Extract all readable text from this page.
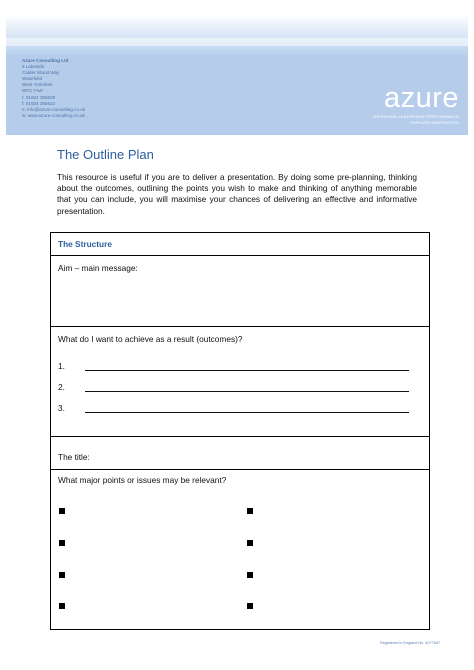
Azure Consulting Ltd
3 Lakeside
Calder Island Way
Wakefield
West Yorkshire
WF2 7AW
t: 01924 385600
f: 01924 385622
e: info@azure-consulting.co.uk
w: www.azure-consulting.co.uk
azure
IMPROVING LEADERSHIP PERFORMANCE
...THROUGH INSPIRATION
The Outline Plan
This resource is useful if you are to deliver a presentation. By doing some pre-planning, thinking about the outcomes, outlining the points you wish to make and thinking of anything memorable that you can include, you will maximise your chances of delivering an effective and informative presentation.
The Structure
Aim – main message:
What do I want to achieve as a result (outcomes)?
1.
2.
3.
The title:
What major points or issues may be relevant?
Registered in England No. 4077647
